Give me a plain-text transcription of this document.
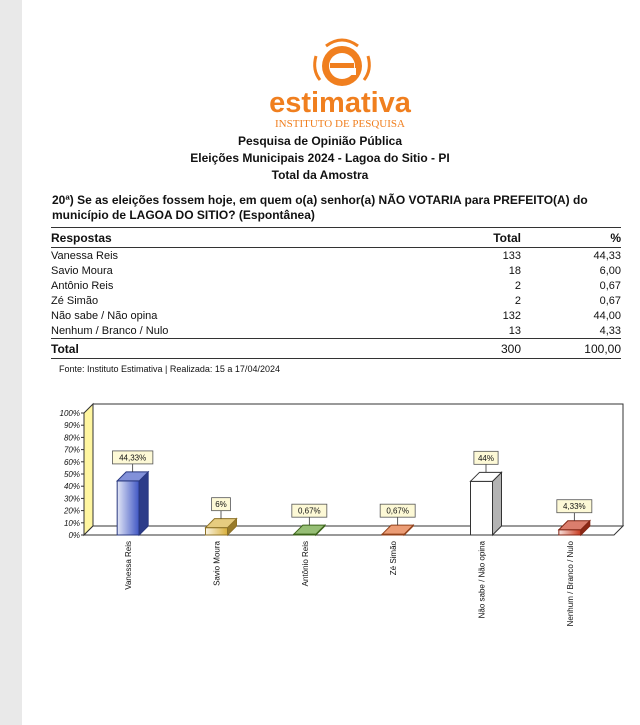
estimativa
INSTITUTO DE PESQUISA
Pesquisa de Opinião Pública
Eleições Municipais 2024 - Lagoa do Sitio - PI
Total da Amostra
20ª) Se as eleições fossem hoje, em quem o(a) senhor(a) NÃO VOTARIA para PREFEITO(A) do município de LAGOA DO SITIO? (Espontânea)
Respostas	Total	%
Vanessa Reis	133	44,33
Savio Moura	18	6,00
Antônio Reis	2	0,67
Zé Simão	2	0,67
Não sabe / Não opina	132	44,00
Nenhum / Branco / Nulo	13	4,33
Total	300	100,00
Fonte: Instituto Estimativa | Realizada: 15 a 17/04/2024
0%
10%
20%
30%
40%
50%
60%
70%
80%
90%
100%
44,33%
Vanessa Reis
6%
Savio Moura
0,67%
Antônio Reis
0,67%
Zé Simão
44%
Não sabe / Não opina
4,33%
Nenhum / Branco / Nulo
